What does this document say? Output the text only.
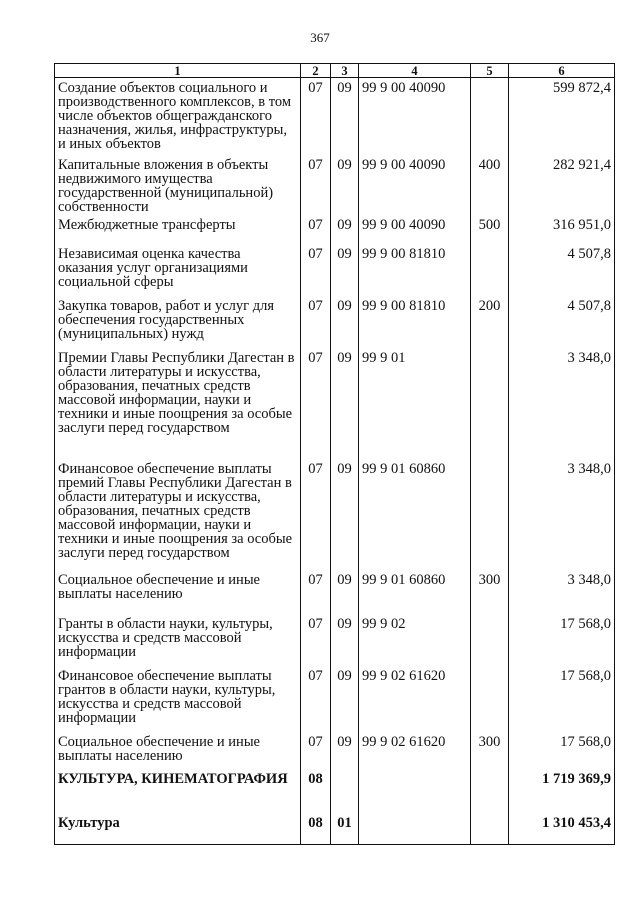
367
1	2	3	4	5	6
Создание объектов социального и производственного комплексов, в том числе объектов общегражданского назначения, жилья, инфраструктуры, и иных объектов	07	09	99 9 00 40090		599 872,4
Капитальные вложения в объекты недвижимого имущества государственной (муниципальной) собственности	07	09	99 9 00 40090	400	282 921,4
Межбюджетные трансферты	07	09	99 9 00 40090	500	316 951,0
Независимая оценка качества оказания услуг организациями социальной сферы	07	09	99 9 00 81810		4 507,8
Закупка товаров, работ и услуг для обеспечения государственных (муниципальных) нужд	07	09	99 9 00 81810	200	4 507,8
Премии Главы Республики Дагестан в области литературы и искусства, образования, печатных средств массовой информации, науки и техники и иные поощрения за особые заслуги перед государством	07	09	99 9 01		3 348,0
Финансовое обеспечение выплаты премий Главы Республики Дагестан в области литературы и искусства, образования, печатных средств массовой информации, науки и техники и иные поощрения за особые заслуги перед государством	07	09	99 9 01 60860		3 348,0
Социальное обеспечение и иные выплаты населению	07	09	99 9 01 60860	300	3 348,0
Гранты в области науки, культуры, искусства и средств массовой информации	07	09	99 9 02		17 568,0
Финансовое обеспечение выплаты грантов в области науки, культуры, искусства и средств массовой информации	07	09	99 9 02 61620		17 568,0
Социальное обеспечение и иные выплаты населению	07	09	99 9 02 61620	300	17 568,0
КУЛЬТУРА, КИНЕМАТОГРАФИЯ	08				1 719 369,9
Культура	08	01			1 310 453,4
